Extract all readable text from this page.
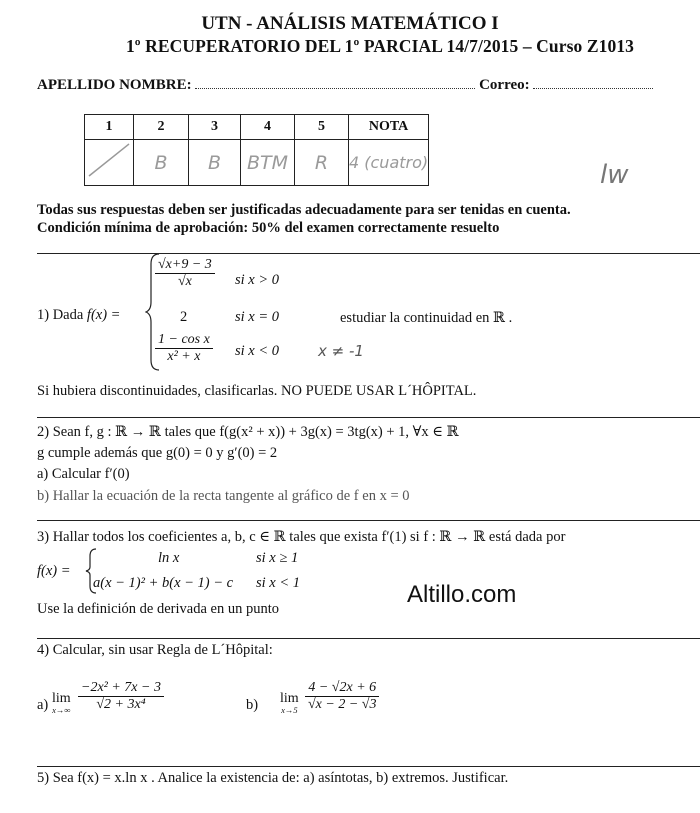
UTN - ANÁLISIS MATEMÁTICO I
1º RECUPERATORIO DEL 1º PARCIAL 14/7/2015 – Curso Z1013
APELLIDO NOMBRE:	Correo:
1	2	3	4	5	NOTA
	B	B	BTM	R	4 (cuatro)	lw
Todas sus respuestas deben ser justificadas adecuadamente para ser tenidas en cuenta.
Condición mínima de aprobación: 50% del examen correctamente resuelto
1) Dada f(x) =
$\frac{√x+9 - 3}{√x}$ si x > 0
2	si x = 0
$\frac{\text{1 − cos x}}{\text{x² + x}}$ si x < 0	x ≠ -1
estudiar la continuidad en ℝ .
Si hubiera discontinuidades, clasificarlas. NO PUEDE USAR L´HÔPITAL.
2) Sean f, g : ℝ → ℝ tales que f(g(x² + x)) + 3g(x) = 3tg(x) + 1, ∀x ∈ ℝ
g cumple además que g(0) = 0 y g′(0) = 2
a) Calcular f′(0)
b) Hallar la ecuación de la recta tangente al gráfico de f en x = 0
3) Hallar todos los coeficientes a, b, c ∈ ℝ tales que exista f′(1) si f : ℝ → ℝ está dada por
f(x) =
ln x	si x ≥ 1
a(x − 1)² + b(x − 1) − c si x < 1
Use la definición de derivada en un punto
Altillo.com
4) Calcular, sin usar Regla de L´Hôpital:
a) lim
$x\to\infty \frac{\text{−2x² + 7x − 3}}{\text{√2 + 3x⁴}}$	b) lim
$x\to 5 \frac{4 - √2x + 6}{√x - 2 - √3}$
5) Sea f(x) = x.ln x . Analice la existencia de: a) asíntotas, b) extremos. Justificar.
